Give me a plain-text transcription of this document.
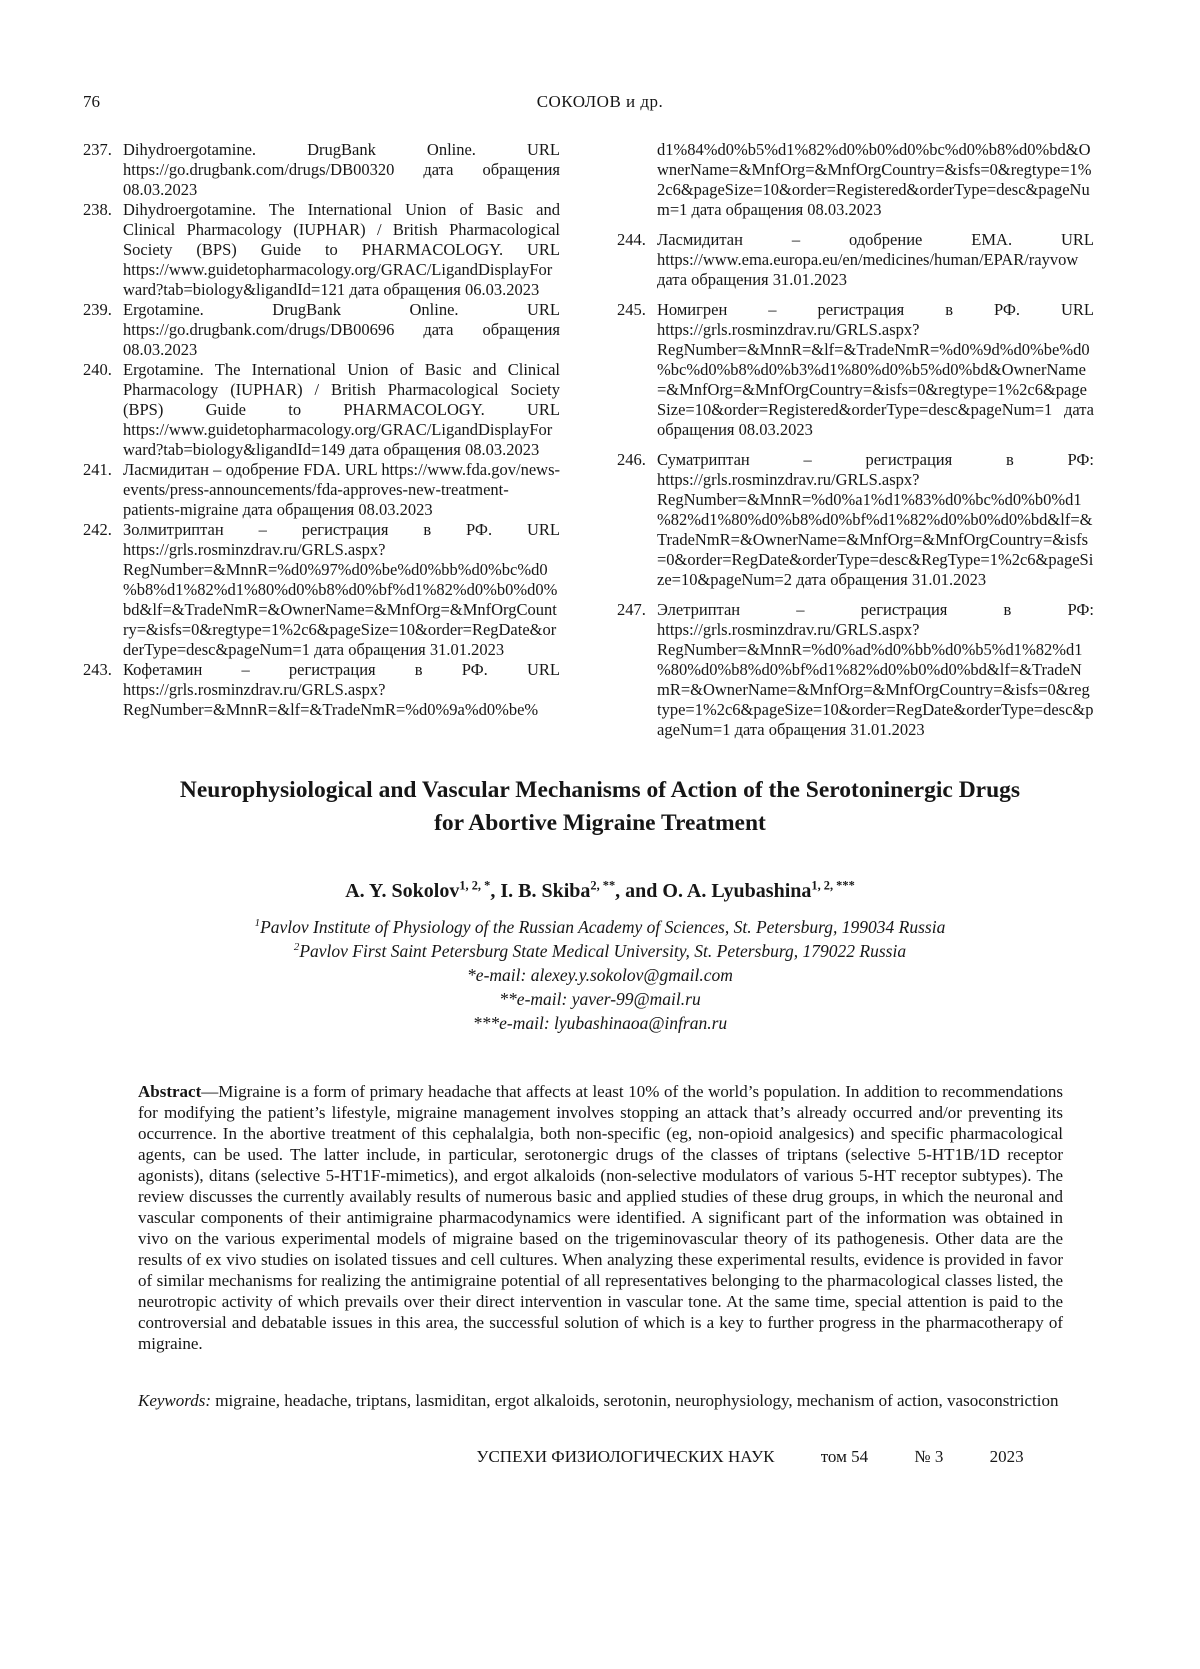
76	СОКОЛОВ и др.
237. Dihydroergotamine. DrugBank Online. URL https://go.drugbank.com/drugs/DB00320 дата обращения 08.03.2023
238. Dihydroergotamine. The International Union of Basic and Clinical Pharmacology (IUPHAR) / British Pharmacological Society (BPS) Guide to PHARMACOLOGY. URL https://www.guidetopharmacology.org/GRAC/LigandDisplayForward?tab=biology&ligandId=121 дата обращения 06.03.2023
239. Ergotamine. DrugBank Online. URL https://go.drugbank.com/drugs/DB00696 дата обращения 08.03.2023
240. Ergotamine. The International Union of Basic and Clinical Pharmacology (IUPHAR) / British Pharmacological Society (BPS) Guide to PHARMACOLOGY. URL https://www.guidetopharmacology.org/GRAC/LigandDisplayForward?tab=biology&ligandId=149 дата обращения 08.03.2023
241. Ласмидитан – одобрение FDA. URL https://www.fda.gov/news-events/press-announcements/fda-approves-new-treatment-patients-migraine дата обращения 08.03.2023
242. Золмитриптан – регистрация в РФ. URL https://grls.rosminzdrav.ru/GRLS.aspx?RegNumber=&MnnR=%d0%97%d0%be%d0%bb%d0%bc%d0%b8%d1%82%d1%80%d0%b8%d0%bf%d1%82%d0%b0%d0%bd&lf=&TradeNmR=&OwnerName=&MnfOrg=&MnfOrgCountry=&isfs=0&regtype=1%2c6&pageSize=10&order=RegDate&orderType=desc&pageNum=1 дата обращения 31.01.2023
243. Кофетамин – регистрация в РФ. URL https://grls.rosminzdrav.ru/GRLS.aspx?RegNumber=&MnnR=&lf=&TradeNmR=%d0%9a%d0%be%
d1%84%d0%b5%d1%82%d0%b0%d0%bc%d0%b8%d0%bd&OwnerName=&MnfOrg=&MnfOrgCountry=&isfs=0&regtype=1%2c6&pageSize=10&order=Registered&orderType=desc&pageNum=1 дата обращения 08.03.2023
244. Ласмидитан – одобрение EMA. URL https://www.ema.europa.eu/en/medicines/human/EPAR/rayvow дата обращения 31.01.2023
245. Номигрен – регистрация в РФ. URL https://grls.rosminzdrav.ru/GRLS.aspx?RegNumber=&MnnR=&lf=&TradeNmR=%d0%9d%d0%be%d0%bc%d0%b8%d0%b3%d1%80%d0%b5%d0%bd&OwnerName=&MnfOrg=&MnfOrgCountry=&isfs=0&regtype=1%2c6&pageSize=10&order=Registered&orderType=desc&pageNum=1 дата обращения 08.03.2023
246. Суматриптан – регистрация в РФ: https://grls.rosminzdrav.ru/GRLS.aspx?RegNumber=&MnnR=%d0%a1%d1%83%d0%bc%d0%b0%d1%82%d1%80%d0%b8%d0%bf%d1%82%d0%b0%d0%bd&lf=&TradeNmR=&OwnerName=&MnfOrg=&MnfOrgCountry=&isfs=0&order=RegDate&orderType=desc&RegType=1%2c6&pageSize=10&pageNum=2 дата обращения 31.01.2023
247. Элетриптан – регистрация в РФ: https://grls.rosminzdrav.ru/GRLS.aspx?RegNumber=&MnnR=%d0%ad%d0%bb%d0%b5%d1%82%d1%80%d0%b8%d0%bf%d1%82%d0%b0%d0%bd&lf=&TradeNmR=&OwnerName=&MnfOrg=&MnfOrgCountry=&isfs=0&regtype=1%2c6&pageSize=10&order=RegDate&orderType=desc&pageNum=1 дата обращения 31.01.2023
Neurophysiological and Vascular Mechanisms of Action of the Serotoninergic Drugs
for Abortive Migraine Treatment
A. Y. Sokolov$^{1, 2, *}$, I. B. Skiba$^{2, **}$, and O. A. Lyubashina$^{1, 2, ***}$
$^1$Pavlov Institute of Physiology of the Russian Academy of Sciences, St. Petersburg, 199034 Russia
$^2$Pavlov First Saint Petersburg State Medical University, St. Petersburg, 179022 Russia
*e-mail: alexey.y.sokolov@gmail.com
**e-mail: yaver-99@mail.ru
***e-mail: lyubashinaoa@infran.ru
Abstract—Migraine is a form of primary headache that affects at least 10% of the world’s population. In addition to recommendations for modifying the patient’s lifestyle, migraine management involves stopping an attack that’s already occurred and/or preventing its occurrence. In the abortive treatment of this cephalalgia, both non-specific (eg, non-opioid analgesics) and specific pharmacological agents, can be used. The latter include, in particular, serotonergic drugs of the classes of triptans (selective 5-HT1B/1D receptor agonists), ditans (selective 5-HT1F-mimetics), and ergot alkaloids (non-selective modulators of various 5-HT receptor subtypes). The review discusses the currently availably results of numerous basic and applied studies of these drug groups, in which the neuronal and vascular components of their antimigraine pharmacodynamics were identified. A significant part of the information was obtained in vivo on the various experimental models of migraine based on the trigeminovascular theory of its pathogenesis. Other data are the results of ex vivo studies on isolated tissues and cell cultures. When analyzing these experimental results, evidence is provided in favor of similar mechanisms for realizing the antimigraine potential of all representatives belonging to the pharmacological classes listed, the neurotropic activity of which prevails over their direct intervention in vascular tone. At the same time, special attention is paid to the controversial and debatable issues in this area, the successful solution of which is a key to further progress in the pharmacotherapy of migraine.
Keywords: migraine, headache, triptans, lasmiditan, ergot alkaloids, serotonin, neurophysiology, mechanism of action, vasoconstriction
УСПЕХИ ФИЗИОЛОГИЧЕСКИХ НАУК	том 54	№ 3	2023
